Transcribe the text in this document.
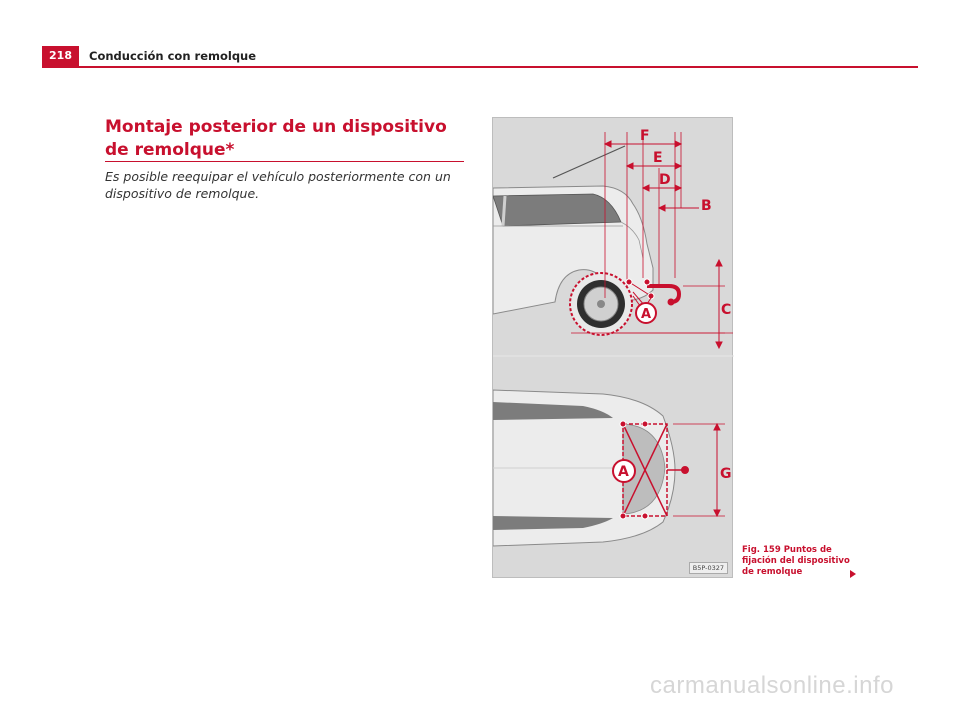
218	Conducción con remolque
Montaje posterior de un dispositivo de remolque*

Es posible reequipar el vehículo posteriormente con un dispositivo de remolque.

F
E
D
B
C
A
G
A
B5P-0327
Fig. 159 Puntos de fijación del dispositivo de remolque
carmanualsonline.info
